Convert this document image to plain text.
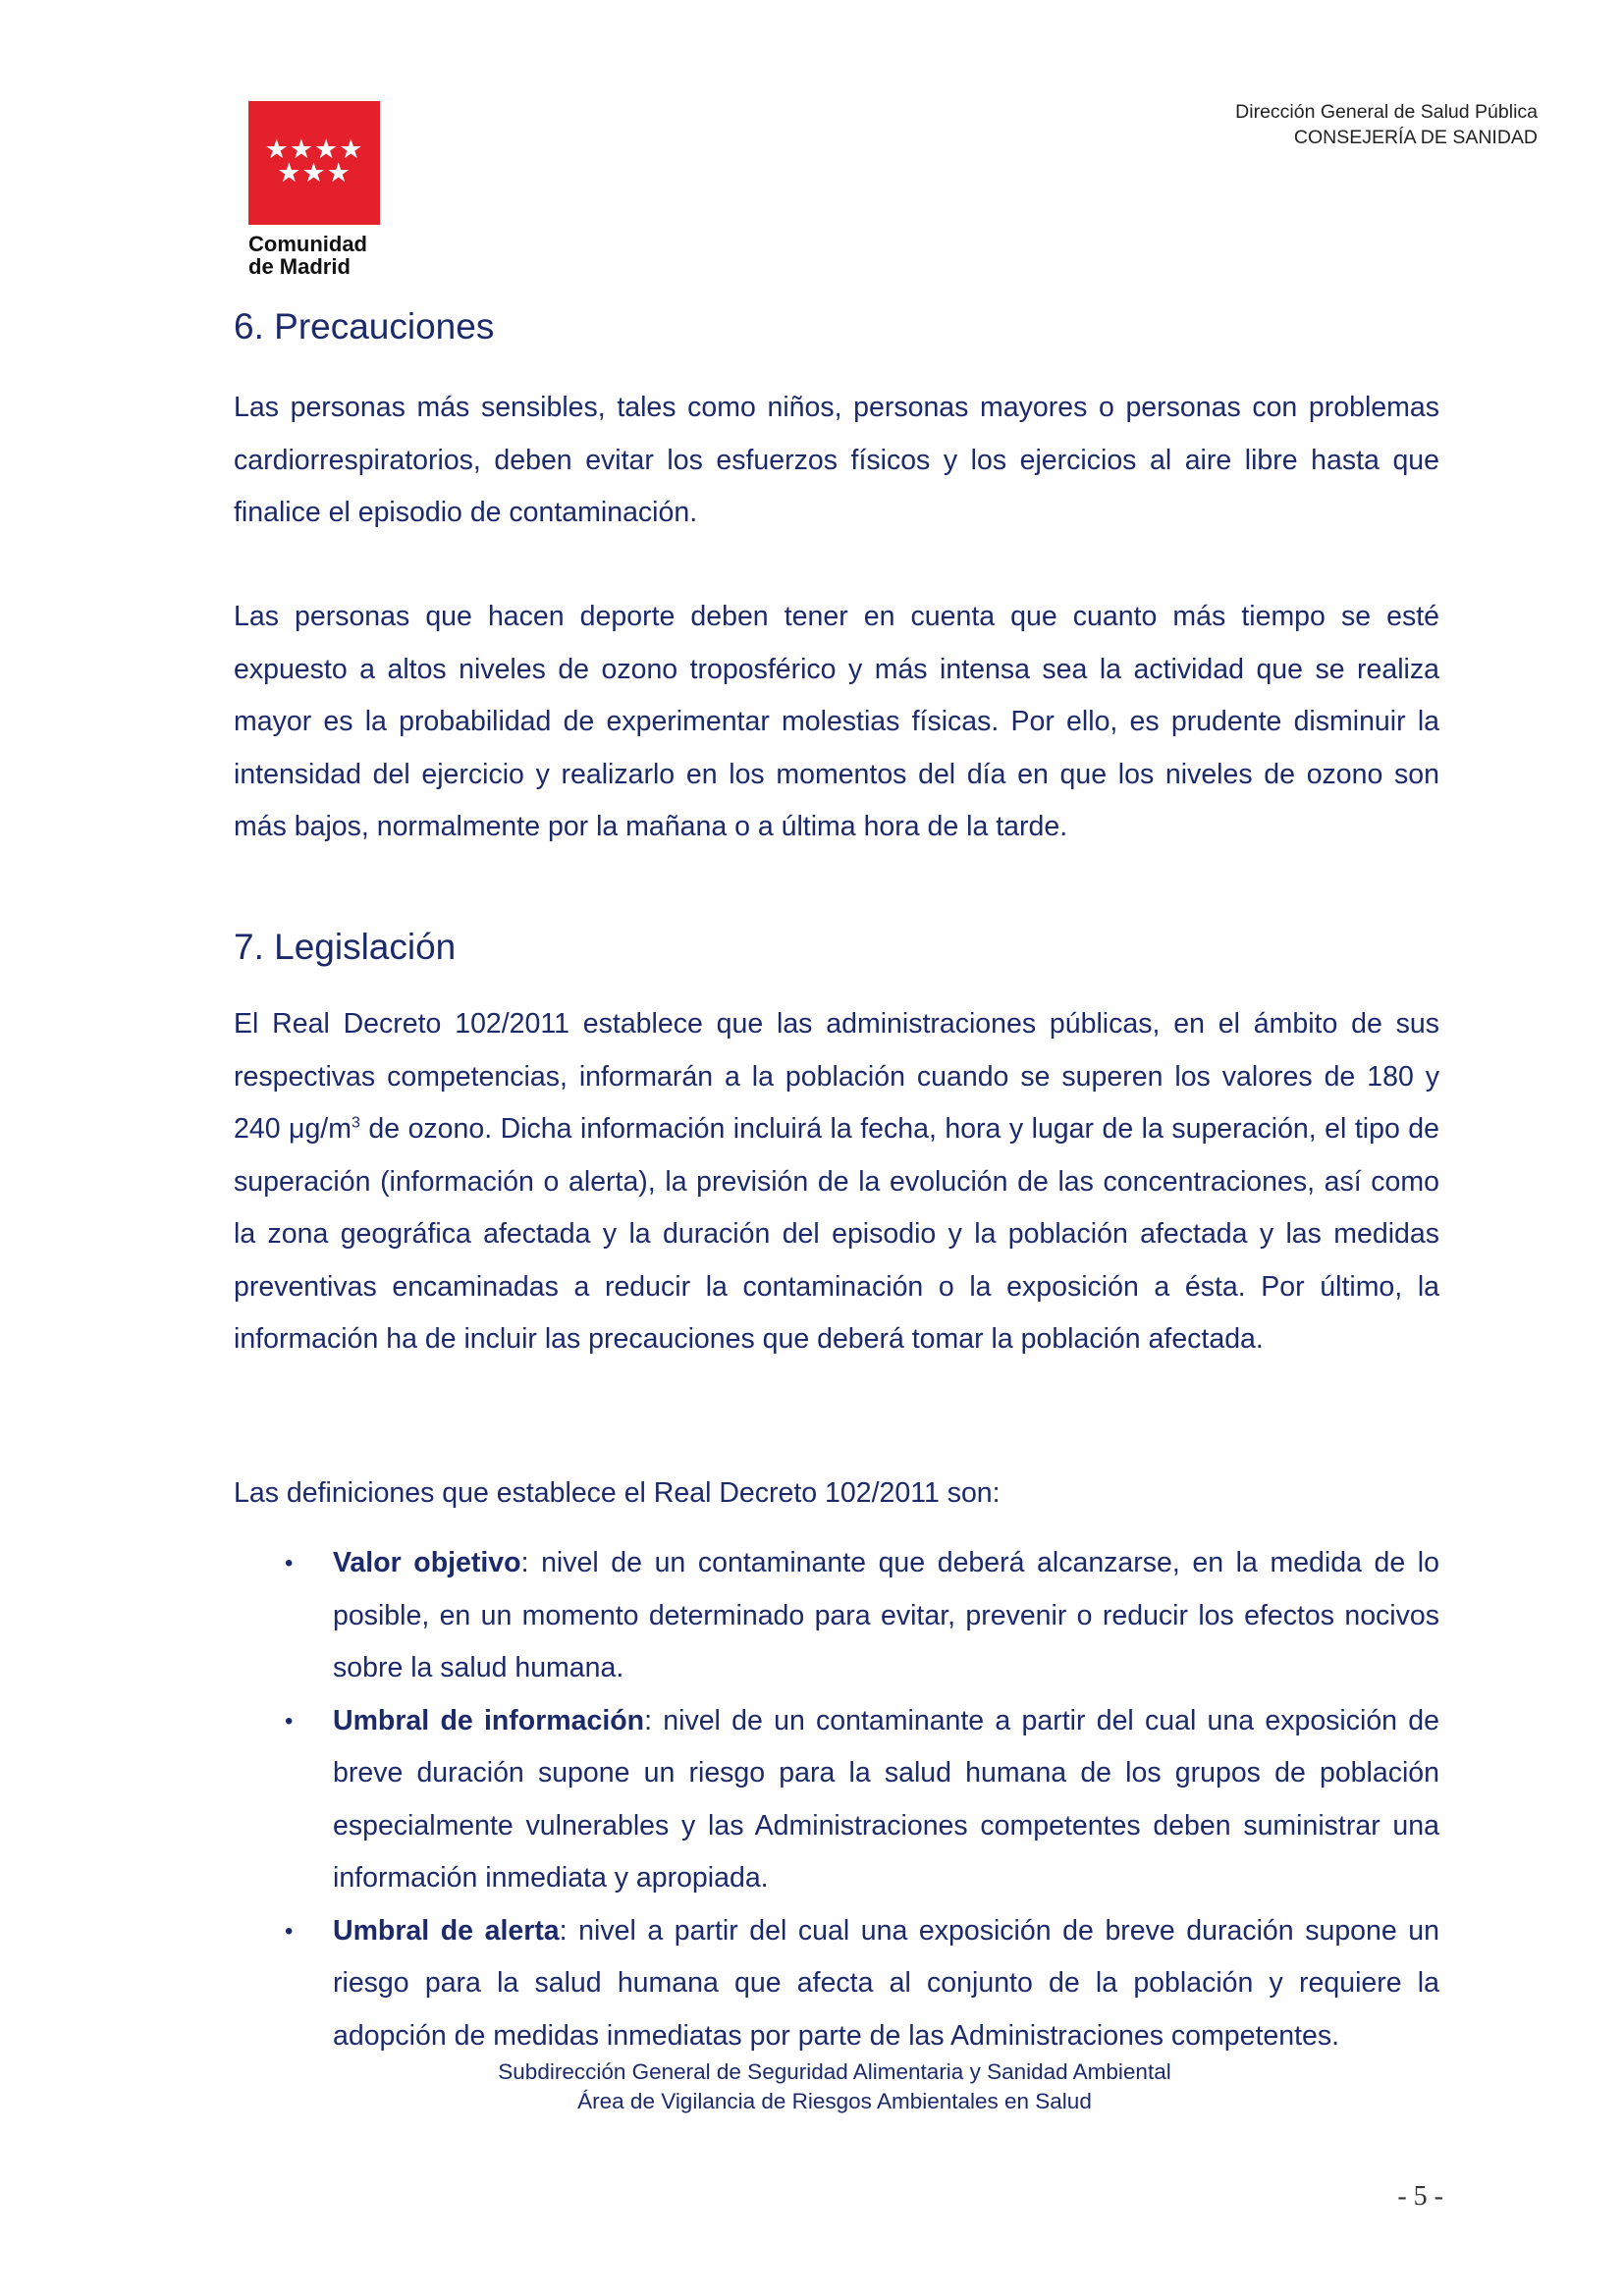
★★★★
★★★
Comunidad
de Madrid
Dirección General de Salud Pública
CONSEJERÍA DE SANIDAD
6. Precauciones

Las personas más sensibles, tales como niños, personas mayores o personas con problemas cardiorrespiratorios, deben evitar los esfuerzos físicos y los ejercicios al aire libre hasta que finalice el episodio de contaminación.

Las personas que hacen deporte deben tener en cuenta que cuanto más tiempo se esté expuesto a altos niveles de ozono troposférico y más intensa sea la actividad que se realiza mayor es la probabilidad de experimentar molestias físicas. Por ello, es prudente disminuir la intensidad del ejercicio y realizarlo en los momentos del día en que los niveles de ozono son más bajos, normalmente por la mañana o a última hora de la tarde.

7. Legislación

El Real Decreto 102/2011 establece que las administraciones públicas, en el ámbito de sus respectivas competencias, informarán a la población cuando se superen los valores de 180 y 240 $\mu g/m^3$ de ozono. Dicha información incluirá la fecha, hora y lugar de la superación, el tipo de superación (información o alerta), la previsión de la evolución de las concentraciones, así como la zona geográfica afectada y la duración del episodio y la población afectada y las medidas preventivas encaminadas a reducir la contaminación o la exposición a ésta. Por último, la información ha de incluir las precauciones que deberá tomar la población afectada.

Las definiciones que establece el Real Decreto 102/2011 son:

• Valor objetivo: nivel de un contaminante que deberá alcanzarse, en la medida de lo posible, en un momento determinado para evitar, prevenir o reducir los efectos nocivos sobre la salud humana.
• Umbral de información: nivel de un contaminante a partir del cual una exposición de breve duración supone un riesgo para la salud humana de los grupos de población especialmente vulnerables y las Administraciones competentes deben suministrar una información inmediata y apropiada.
• Umbral de alerta: nivel a partir del cual una exposición de breve duración supone un riesgo para la salud humana que afecta al conjunto de la población y requiere la adopción de medidas inmediatas por parte de las Administraciones competentes.
Subdirección General de Seguridad Alimentaria y Sanidad Ambiental
Área de Vigilancia de Riesgos Ambientales en Salud
- 5 -
